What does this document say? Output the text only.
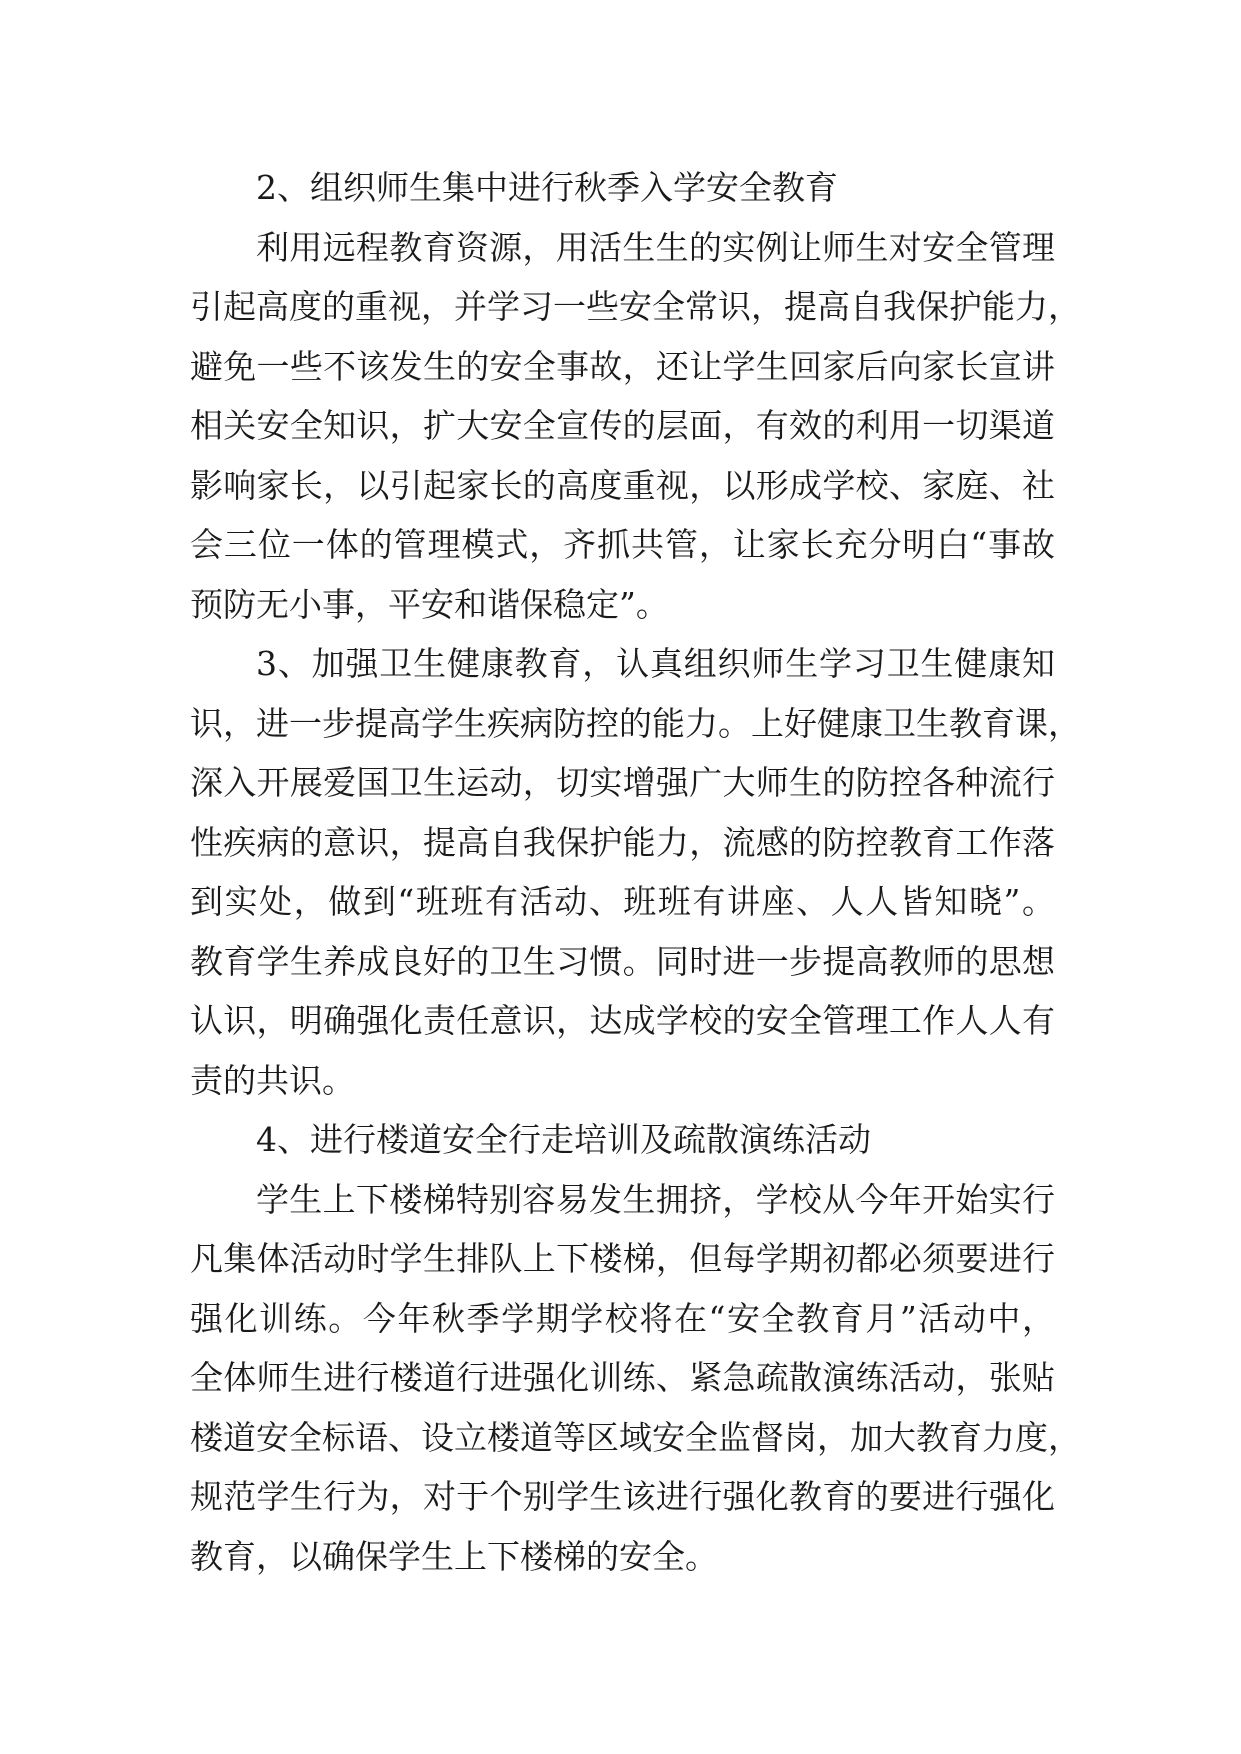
2、组织师生集中进行秋季入学安全教育

利用远程教育资源，用活生生的实例让师生对安全管理
引起高度的重视，并学习一些安全常识，提高自我保护能力，
避免一些不该发生的安全事故，还让学生回家后向家长宣讲
相关安全知识，扩大安全宣传的层面，有效的利用一切渠道
影响家长，以引起家长的高度重视，以形成学校、家庭、社
会三位一体的管理模式，齐抓共管，让家长充分明白“事故
预防无小事，平安和谐保稳定”。

3、加强卫生健康教育，认真组织师生学习卫生健康知
识，进一步提高学生疾病防控的能力。上好健康卫生教育课，
深入开展爱国卫生运动，切实增强广大师生的防控各种流行
性疾病的意识，提高自我保护能力，流感的防控教育工作落
到实处，做到“班班有活动、班班有讲座、人人皆知晓”。
教育学生养成良好的卫生习惯。同时进一步提高教师的思想
认识，明确强化责任意识，达成学校的安全管理工作人人有
责的共识。

4、进行楼道安全行走培训及疏散演练活动

学生上下楼梯特别容易发生拥挤，学校从今年开始实行
凡集体活动时学生排队上下楼梯，但每学期初都必须要进行
强化训练。今年秋季学期学校将在“安全教育月”活动中，
全体师生进行楼道行进强化训练、紧急疏散演练活动，张贴
楼道安全标语、设立楼道等区域安全监督岗，加大教育力度，
规范学生行为，对于个别学生该进行强化教育的要进行强化
教育，以确保学生上下楼梯的安全。
